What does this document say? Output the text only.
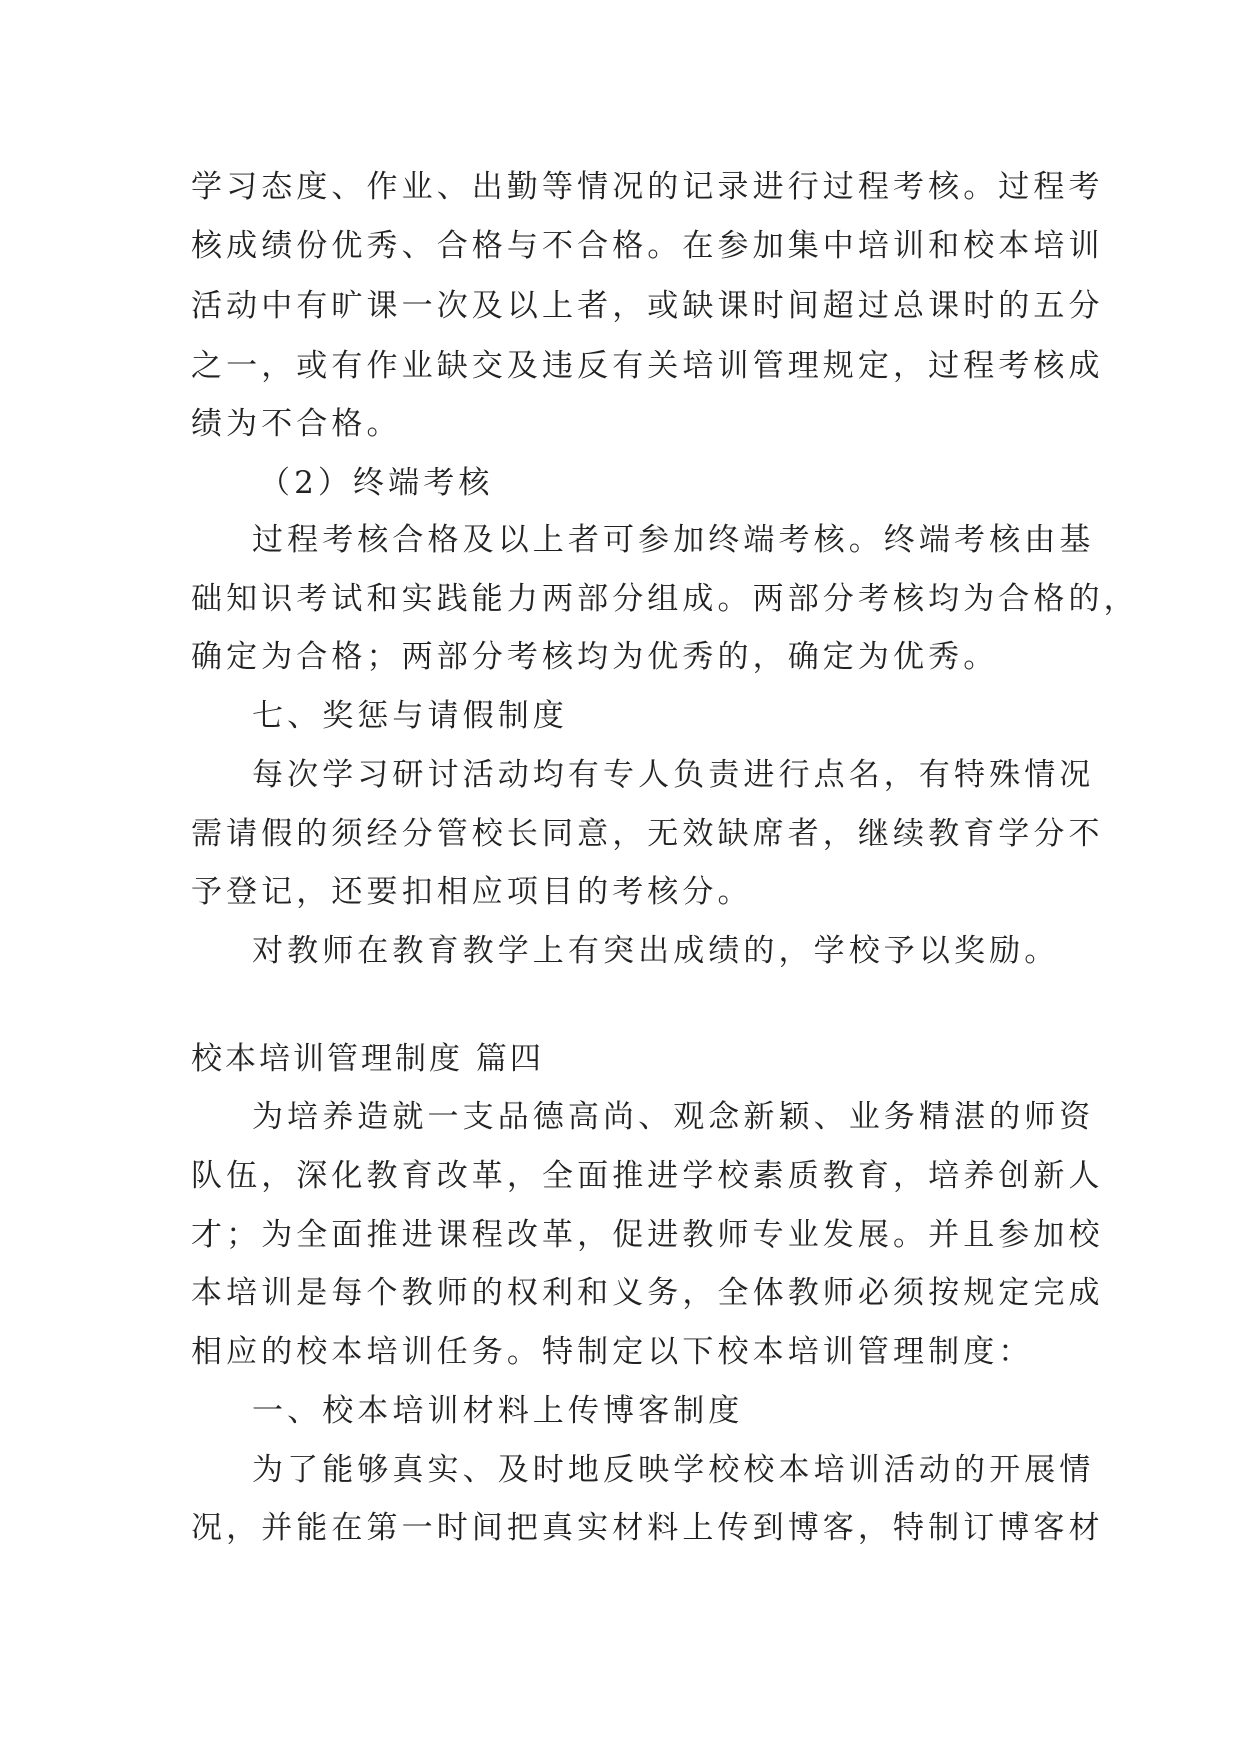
学习态度、作业、出勤等情况的记录进行过程考核。过程考
核成绩份优秀、合格与不合格。在参加集中培训和校本培训
活动中有旷课一次及以上者，或缺课时间超过总课时的五分
之一，或有作业缺交及违反有关培训管理规定，过程考核成
绩为不合格。
（2）终端考核
过程考核合格及以上者可参加终端考核。终端考核由基
础知识考试和实践能力两部分组成。两部分考核均为合格的，
确定为合格；两部分考核均为优秀的，确定为优秀。
七、奖惩与请假制度
每次学习研讨活动均有专人负责进行点名，有特殊情况
需请假的须经分管校长同意，无效缺席者，继续教育学分不
予登记，还要扣相应项目的考核分。
对教师在教育教学上有突出成绩的，学校予以奖励。
校本培训管理制度 篇四
为培养造就一支品德高尚、观念新颖、业务精湛的师资
队伍，深化教育改革，全面推进学校素质教育，培养创新人
才；为全面推进课程改革，促进教师专业发展。并且参加校
本培训是每个教师的权利和义务，全体教师必须按规定完成
相应的校本培训任务。特制定以下校本培训管理制度：
一、校本培训材料上传博客制度
为了能够真实、及时地反映学校校本培训活动的开展情
况，并能在第一时间把真实材料上传到博客，特制订博客材
